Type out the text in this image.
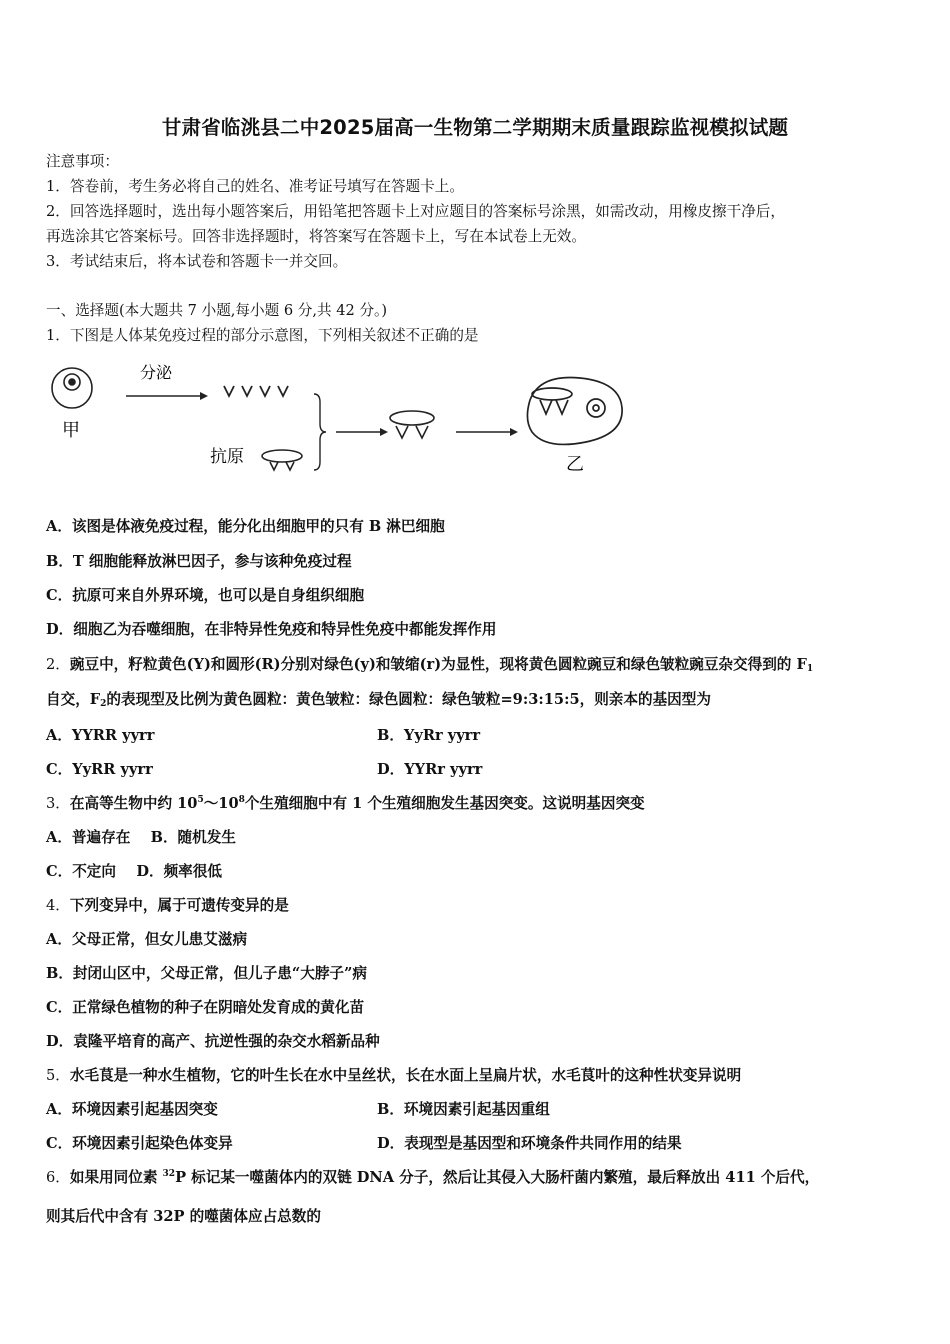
甘肃省临洮县二中2025届高一生物第二学期期末质量跟踪监视模拟试题
注意事项：
1．答卷前，考生务必将自己的姓名、准考证号填写在答题卡上。
2．回答选择题时，选出每小题答案后，用铅笔把答题卡上对应题目的答案标号涂黑，如需改动，用橡皮擦干净后，
再选涂其它答案标号。回答非选择题时，将答案写在答题卡上，写在本试卷上无效。
3．考试结束后，将本试卷和答题卡一并交回。
一、选择题(本大题共 7 小题,每小题 6 分,共 42 分。)
1．下图是人体某免疫过程的部分示意图，下列相关叙述不正确的是
甲
分泌
抗原	乙
A．该图是体液免疫过程，能分化出细胞甲的只有 B 淋巴细胞
B．T 细胞能释放淋巴因子，参与该种免疫过程
C．抗原可来自外界环境，也可以是自身组织细胞
D．细胞乙为吞噬细胞，在非特异性免疫和特异性免疫中都能发挥作用
2．豌豆中，籽粒黄色(Y)和圆形(R)分别对绿色(y)和皱缩(r)为显性，现将黄色圆粒豌豆和绿色皱粒豌豆杂交得到的 $F_1$
自交，$F_2$的表现型及比例为黄色圆粒：黄色皱粒：绿色圆粒：绿色皱粒=9:3:15:5，则亲本的基因型为
A．YYRR yyrr	B．YyRr yyrr
C．YyRR yyrr	D．YYRr yyrr
3．在高等生物中约 $10^5\sim 10^8$个生殖细胞中有 1 个生殖细胞发生基因突变。这说明基因突变
A．普遍存在    B．随机发生
C．不定向    D．频率很低
4．下列变异中，属于可遗传变异的是
A．父母正常，但女儿患艾滋病
B．封闭山区中，父母正常，但儿子患“大脖子”病
C．正常绿色植物的种子在阴暗处发育成的黄化苗
D．袁隆平培育的高产、抗逆性强的杂交水稻新品种
5．水毛茛是一种水生植物，它的叶生长在水中呈丝状，长在水面上呈扁片状，水毛茛叶的这种性状变异说明
A．环境因素引起基因突变	B．环境因素引起基因重组
C．环境因素引起染色体变异	D．表现型是基因型和环境条件共同作用的结果
6．如果用同位素 $^{32}$P 标记某一噬菌体内的双链 DNA 分子，然后让其侵入大肠杆菌内繁殖，最后释放出 411 个后代，
则其后代中含有 32P 的噬菌体应占总数的
